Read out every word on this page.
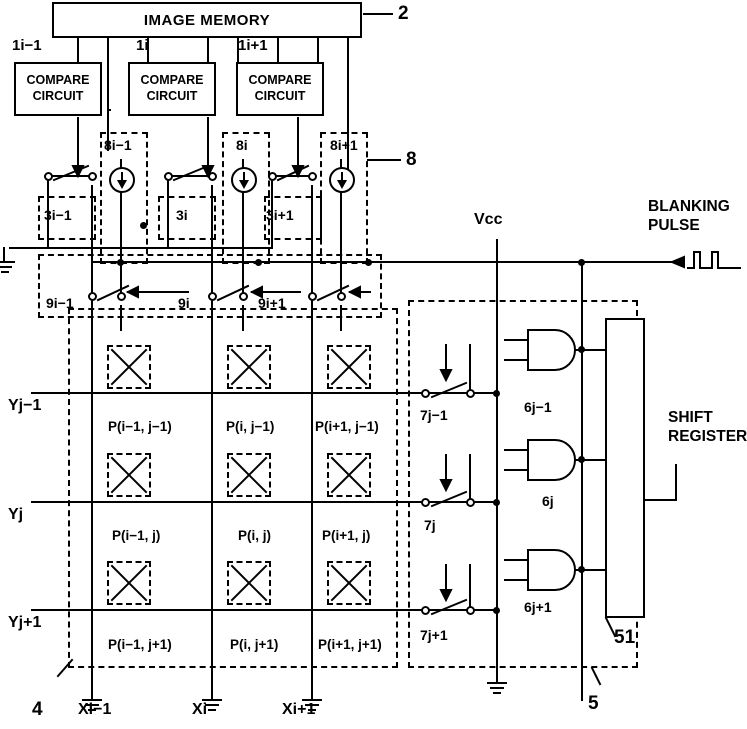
IMAGE MEMORY	2
COMPARE
CIRCUIT
COMPARE
CIRCUIT
COMPARE
CIRCUIT
1i−1	1i	1i+1
8i−1	8i	8i+1
8
3i−1	3i	3i+1
9i−1	9i	9i+1
P(i−1, j−1)	P(i, j−1)	P(i+1, j−1)
P(i−1, j)	P(i, j)	P(i+1, j)
P(i−1, j+1)	P(i, j+1)	P(i+1, j+1)
Yj−1
Yj
Yj+1
Xi−1	Xi	Xi+1
4	5
7j−1
7j
7j+1
Vcc
6j−1
6j
6j+1
SHIFT
REGISTER
51
BLANKING
PULSE
